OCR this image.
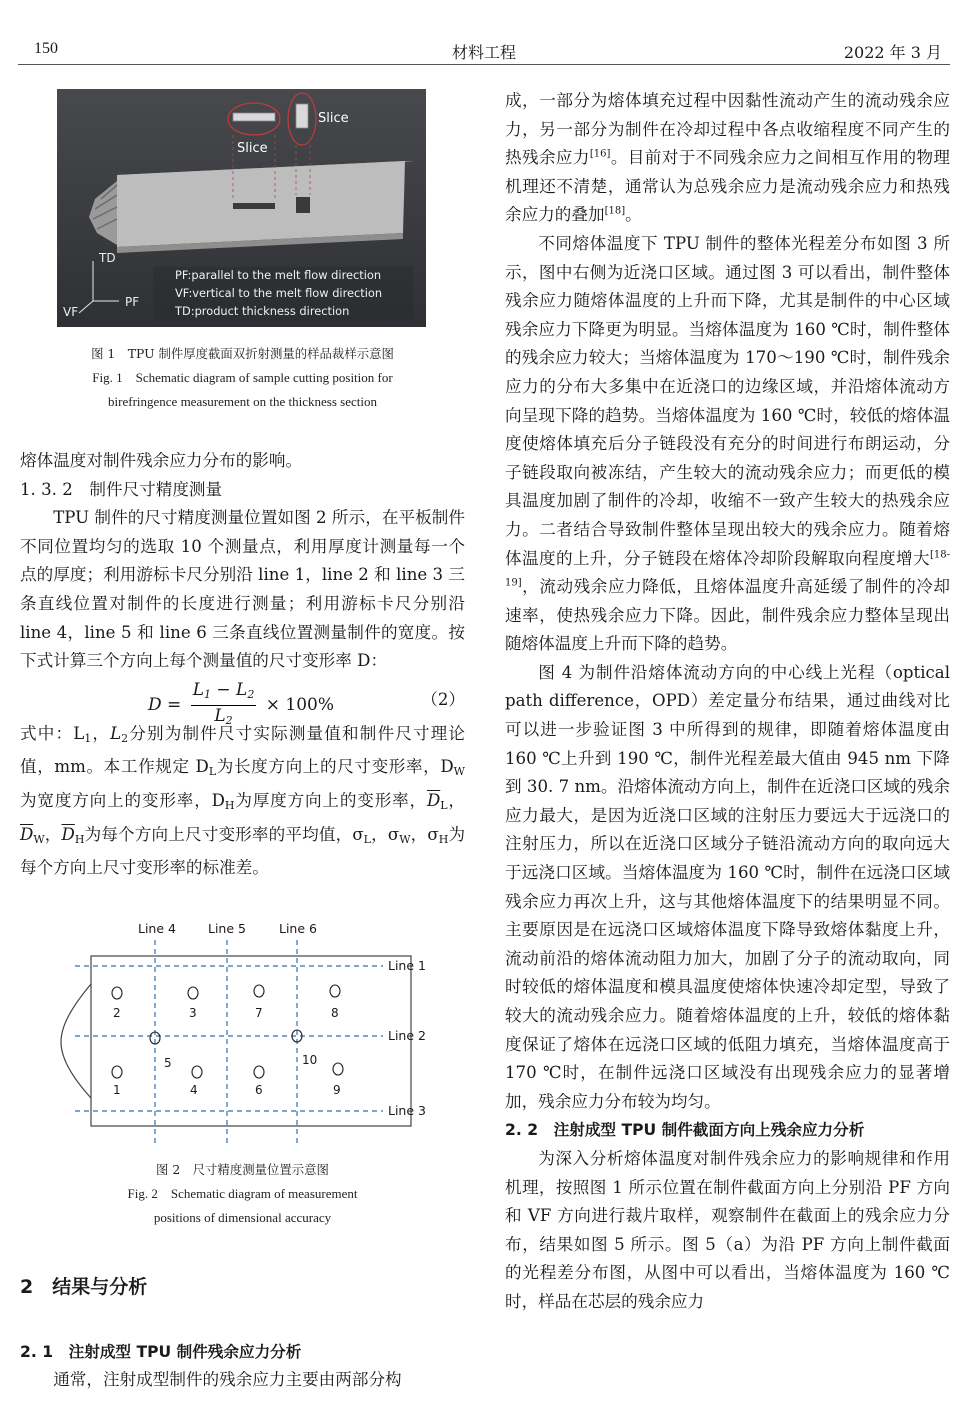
150	材料工程	2022 年 3 月
Slice
Slice
TD
VF
PF
PF:parallel to the melt flow direction
VF:vertical to the melt flow direction
TD:product thickness direction
图 1　TPU 制件厚度截面双折射测量的样品裁样示意图
Fig. 1　Schematic diagram of sample cutting position for
birefringence measurement on the thickness section

熔体温度对制件残余应力分布的影响。

1. 3. 2　制件尺寸精度测量

TPU 制件的尺寸精度测量位置如图 2 所示，在平板制件不同位置均匀的选取 10 个测量点，利用厚度计测量每一个点的厚度；利用游标卡尺分别沿 line 1，line 2 和 line 3 三条直线位置对制件的长度进行测量；利用游标卡尺分别沿 line 4，line 5 和 line 6 三条直线位置测量制件的宽度。按下式计算三个方向上每个测量值的尺寸变形率 D：

$D = \frac{L_1 - L_2}{L_2} \times 100\%$	（2）

式中：$L_1$，$L_2$分别为制件尺寸实际测量值和制件尺寸理论值，mm。本工作规定 $D_L$为长度方向上的尺寸变形率，$D_W$为宽度方向上的变形率，$D_H$为厚度方向上的变形率，$\overline{D}_L$，$\overline{D}_W$，$\overline{D}_H$为每个方向上尺寸变形率的平均值，$\sigma_L$，$\sigma_W$，$\sigma_H$为每个方向上尺寸变形率的标准差。

Line 4	Line 5	Line 6
Line 1
Line 2
Line 3
2	3	7	8
5	10
1	4	6	9
图 2　尺寸精度测量位置示意图
Fig. 2　Schematic diagram of measurement
positions of dimensional accuracy
2　结果与分析
2. 1　注射成型 TPU 制件残余应力分析

通常，注射成型制件的残余应力主要由两部分构

成，一部分为熔体填充过程中因黏性流动产生的流动残余应力，另一部分为制件在冷却过程中各点收缩程度不同产生的热残余应力[16]。目前对于不同残余应力之间相互作用的物理机理还不清楚，通常认为总残余应力是流动残余应力和热残余应力的叠加[18]。

不同熔体温度下 TPU 制件的整体光程差分布如图 3 所示，图中右侧为近浇口区域。通过图 3 可以看出，制件整体残余应力随熔体温度的上升而下降，尤其是制件的中心区域残余应力下降更为明显。当熔体温度为 160 ℃时，制件整体的残余应力较大；当熔体温度为 170～190 ℃时，制件残余应力的分布大多集中在近浇口的边缘区域，并沿熔体流动方向呈现下降的趋势。当熔体温度为 160 ℃时，较低的熔体温度使熔体填充后分子链段没有充分的时间进行布朗运动，分子链段取向被冻结，产生较大的流动残余应力；而更低的模具温度加剧了制件的冷却，收缩不一致产生较大的热残余应力。二者结合导致制件整体呈现出较大的残余应力。随着熔体温度的上升，分子链段在熔体冷却阶段解取向程度增大[18-19]，流动残余应力降低，且熔体温度升高延缓了制件的冷却速率，使热残余应力下降。因此，制件残余应力整体呈现出随熔体温度上升而下降的趋势。

图 4 为制件沿熔体流动方向的中心线上光程（optical path difference，OPD）差定量分布结果，通过曲线对比可以进一步验证图 3 中所得到的规律，即随着熔体温度由 160 ℃上升到 190 ℃，制件光程差最大值由 945 nm 下降到 30. 7 nm。沿熔体流动方向上，制件在近浇口区域的残余应力最大，是因为近浇口区域的注射压力要远大于远浇口的注射压力，所以在近浇口区域分子链沿流动方向的取向远大于远浇口区域。当熔体温度为 160 ℃时，制件在远浇口区域残余应力再次上升，这与其他熔体温度下的结果明显不同。主要原因是在远浇口区域熔体温度下降导致熔体黏度上升，流动前沿的熔体流动阻力加大，加剧了分子的流动取向，同时较低的熔体温度和模具温度使熔体快速冷却定型，导致了较大的流动残余应力。随着熔体温度的上升，较低的熔体黏度保证了熔体在远浇口区域的低阻力填充，当熔体温度高于 170 ℃时，在制件远浇口区域没有出现残余应力的显著增加，残余应力分布较为均匀。

2. 2　注射成型 TPU 制件截面方向上残余应力分析

为深入分析熔体温度对制件残余应力的影响规律和作用机理，按照图 1 所示位置在制件截面方向上分别沿 PF 方向和 VF 方向进行裁片取样，观察制件在截面上的残余应力分布，结果如图 5 所示。图 5（a）为沿 PF 方向上制件截面的光程差分布图，从图中可以看出，当熔体温度为 160 ℃时，样品在芯层的残余应力
